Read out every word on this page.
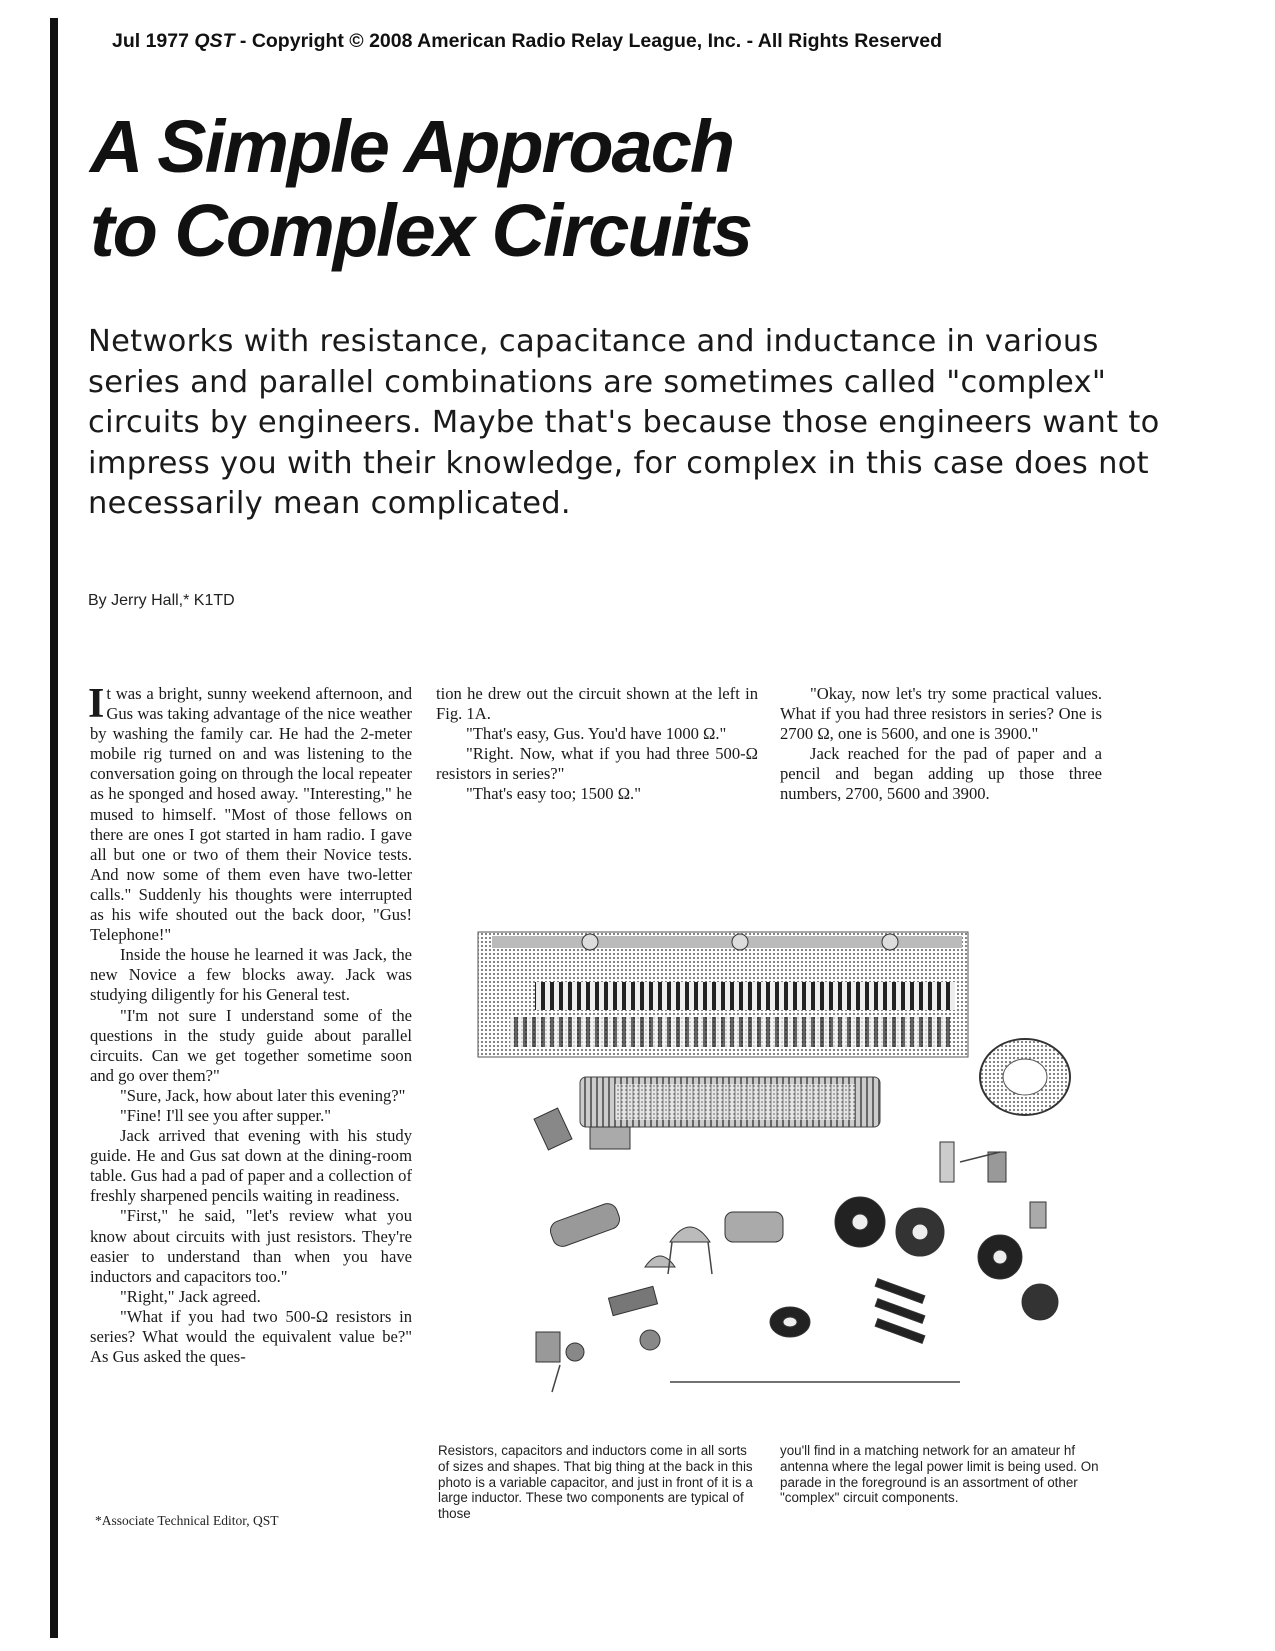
Jul 1977 QST - Copyright © 2008 American Radio Relay League, Inc. - All Rights Reserved
A Simple Approach
to Complex Circuits

Networks with resistance, capacitance and inductance in various series and parallel combinations are sometimes called "complex" circuits by engineers. Maybe that's because those engineers want to impress you with their knowledge, for complex in this case does not necessarily mean complicated.

By Jerry Hall,* K1TD

It was a bright, sunny weekend afternoon, and Gus was taking advantage of the nice weather by washing the family car. He had the 2-meter mobile rig turned on and was listening to the conversation going on through the local repeater as he sponged and hosed away. "Interesting," he mused to himself. "Most of those fellows on there are ones I got started in ham radio. I gave all but one or two of them their Novice tests. And now some of them even have two-letter calls." Suddenly his thoughts were interrupted as his wife shouted out the back door, "Gus! Telephone!"

Inside the house he learned it was Jack, the new Novice a few blocks away. Jack was studying diligently for his General test.

"I'm not sure I understand some of the questions in the study guide about parallel circuits. Can we get together sometime soon and go over them?"

"Sure, Jack, how about later this evening?"

"Fine! I'll see you after supper."

Jack arrived that evening with his study guide. He and Gus sat down at the dining-room table. Gus had a pad of paper and a collection of freshly sharpened pencils waiting in readiness.

"First," he said, "let's review what you know about circuits with just resistors. They're easier to understand than when you have inductors and capacitors too."

"Right," Jack agreed.

"What if you had two 500-Ω resistors in series? What would the equivalent value be?" As Gus asked the ques-

tion he drew out the circuit shown at the left in Fig. 1A.

"That's easy, Gus. You'd have 1000 Ω."

"Right. Now, what if you had three 500-Ω resistors in series?"

"That's easy too; 1500 Ω."

"Okay, now let's try some practical values. What if you had three resistors in series? One is 2700 Ω, one is 5600, and one is 3900."

Jack reached for the pad of paper and a pencil and began adding up those three numbers, 2700, 5600 and 3900.

Resistors, capacitors and inductors come in all sorts of sizes and shapes. That big thing at the back in this photo is a variable capacitor, and just in front of it is a large inductor. These two components are typical of those
you'll find in a matching network for an amateur hf antenna where the legal power limit is being used. On parade in the foreground is an assortment of other "complex" circuit components.
*Associate Technical Editor, QST
